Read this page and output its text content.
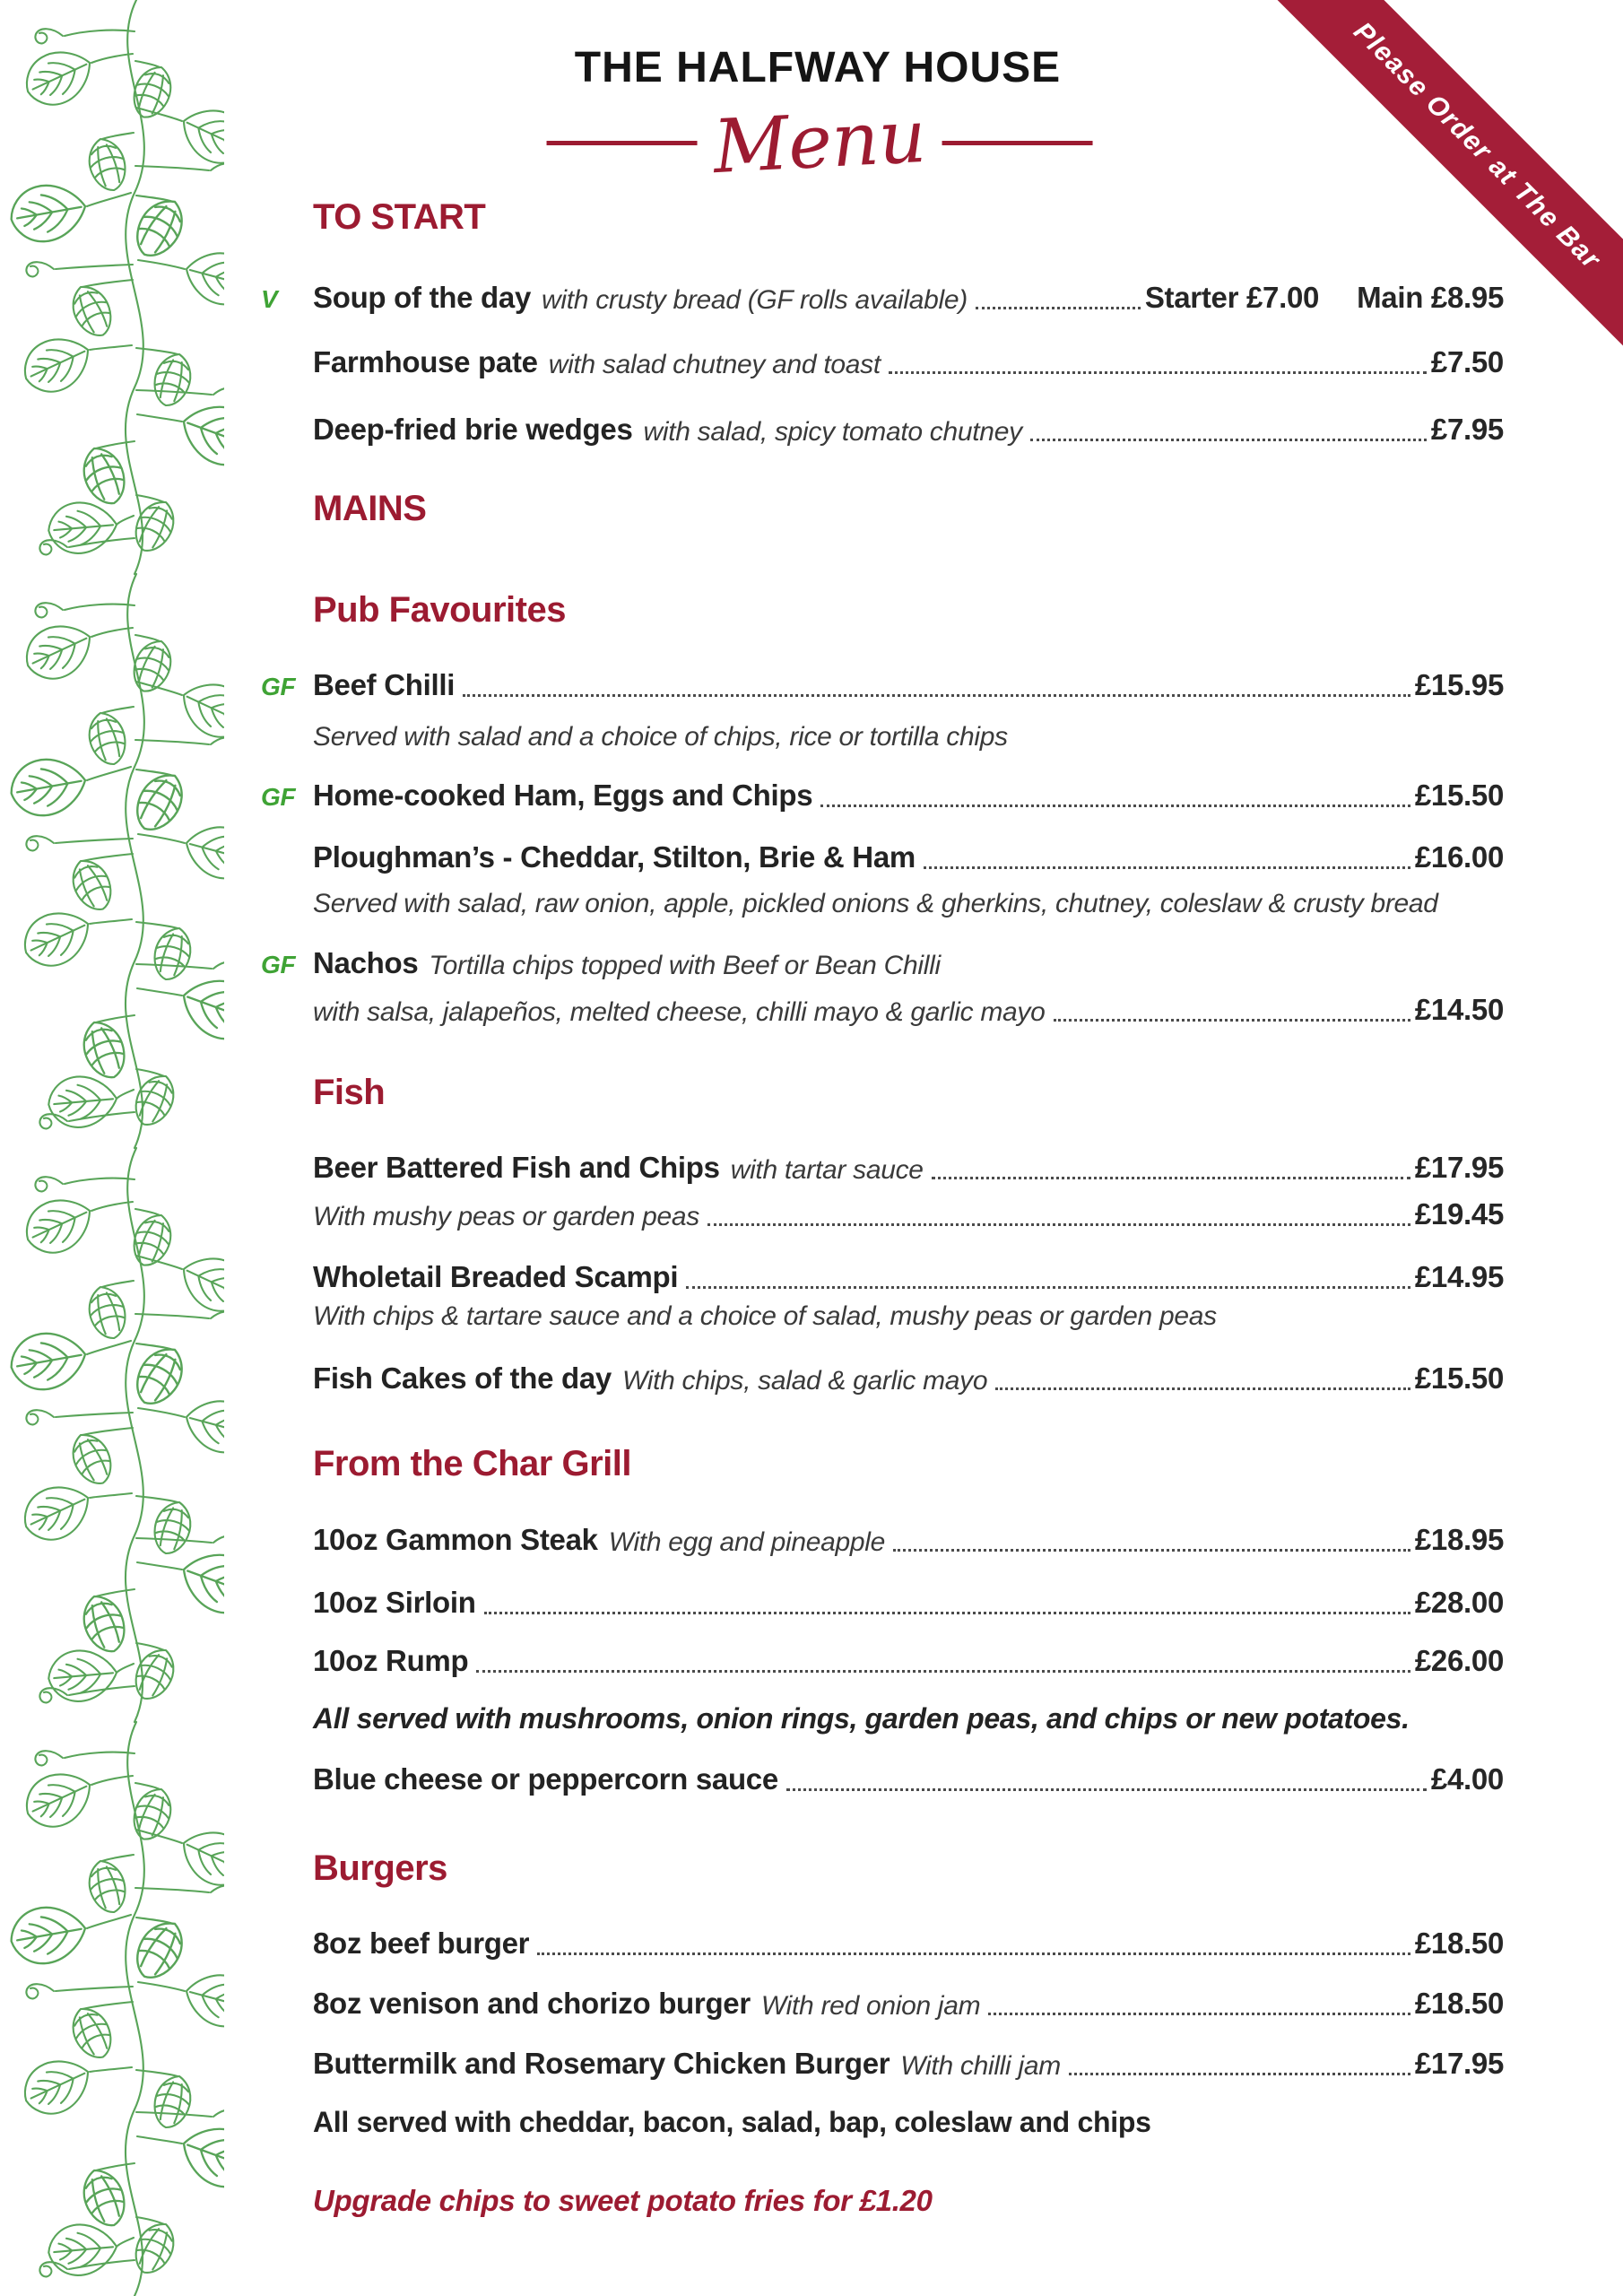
Please Order at The Bar
THE HALFWAY HOUSE
Menu
TO START
V Soup of the day with crusty bread (GF rolls available)	Starter £7.00 Main £8.95
Farmhouse pate with salad chutney and toast	£7.50
Deep-fried brie wedges with salad, spicy tomato chutney	£7.95
MAINS
Pub Favourites
GF Beef Chilli	£15.95
Served with salad and a choice of chips, rice or tortilla chips
GF Home-cooked Ham, Eggs and Chips	£15.50
Ploughman’s - Cheddar, Stilton, Brie & Ham	£16.00
Served with salad, raw onion, apple, pickled onions & gherkins, chutney, coleslaw & crusty bread
GF Nachos Tortilla chips topped with Beef or Bean Chilli
with salsa, jalapeños, melted cheese, chilli mayo & garlic mayo	£14.50
Fish
Beer Battered Fish and Chips with tartar sauce	£17.95
With mushy peas or garden peas	£19.45
Wholetail Breaded Scampi	£14.95
With chips & tartare sauce and a choice of salad, mushy peas or garden peas
Fish Cakes of the day With chips, salad & garlic mayo	£15.50
From the Char Grill
10oz Gammon Steak With egg and pineapple	£18.95
10oz Sirloin	£28.00
10oz Rump	£26.00
All served with mushrooms, onion rings, garden peas, and chips or new potatoes.
Blue cheese or peppercorn sauce	£4.00
Burgers
8oz beef burger	£18.50
8oz venison and chorizo burger With red onion jam	£18.50
Buttermilk and Rosemary Chicken Burger With chilli jam	£17.95
All served with cheddar, bacon, salad, bap, coleslaw and chips
Upgrade chips to sweet potato fries for £1.20
